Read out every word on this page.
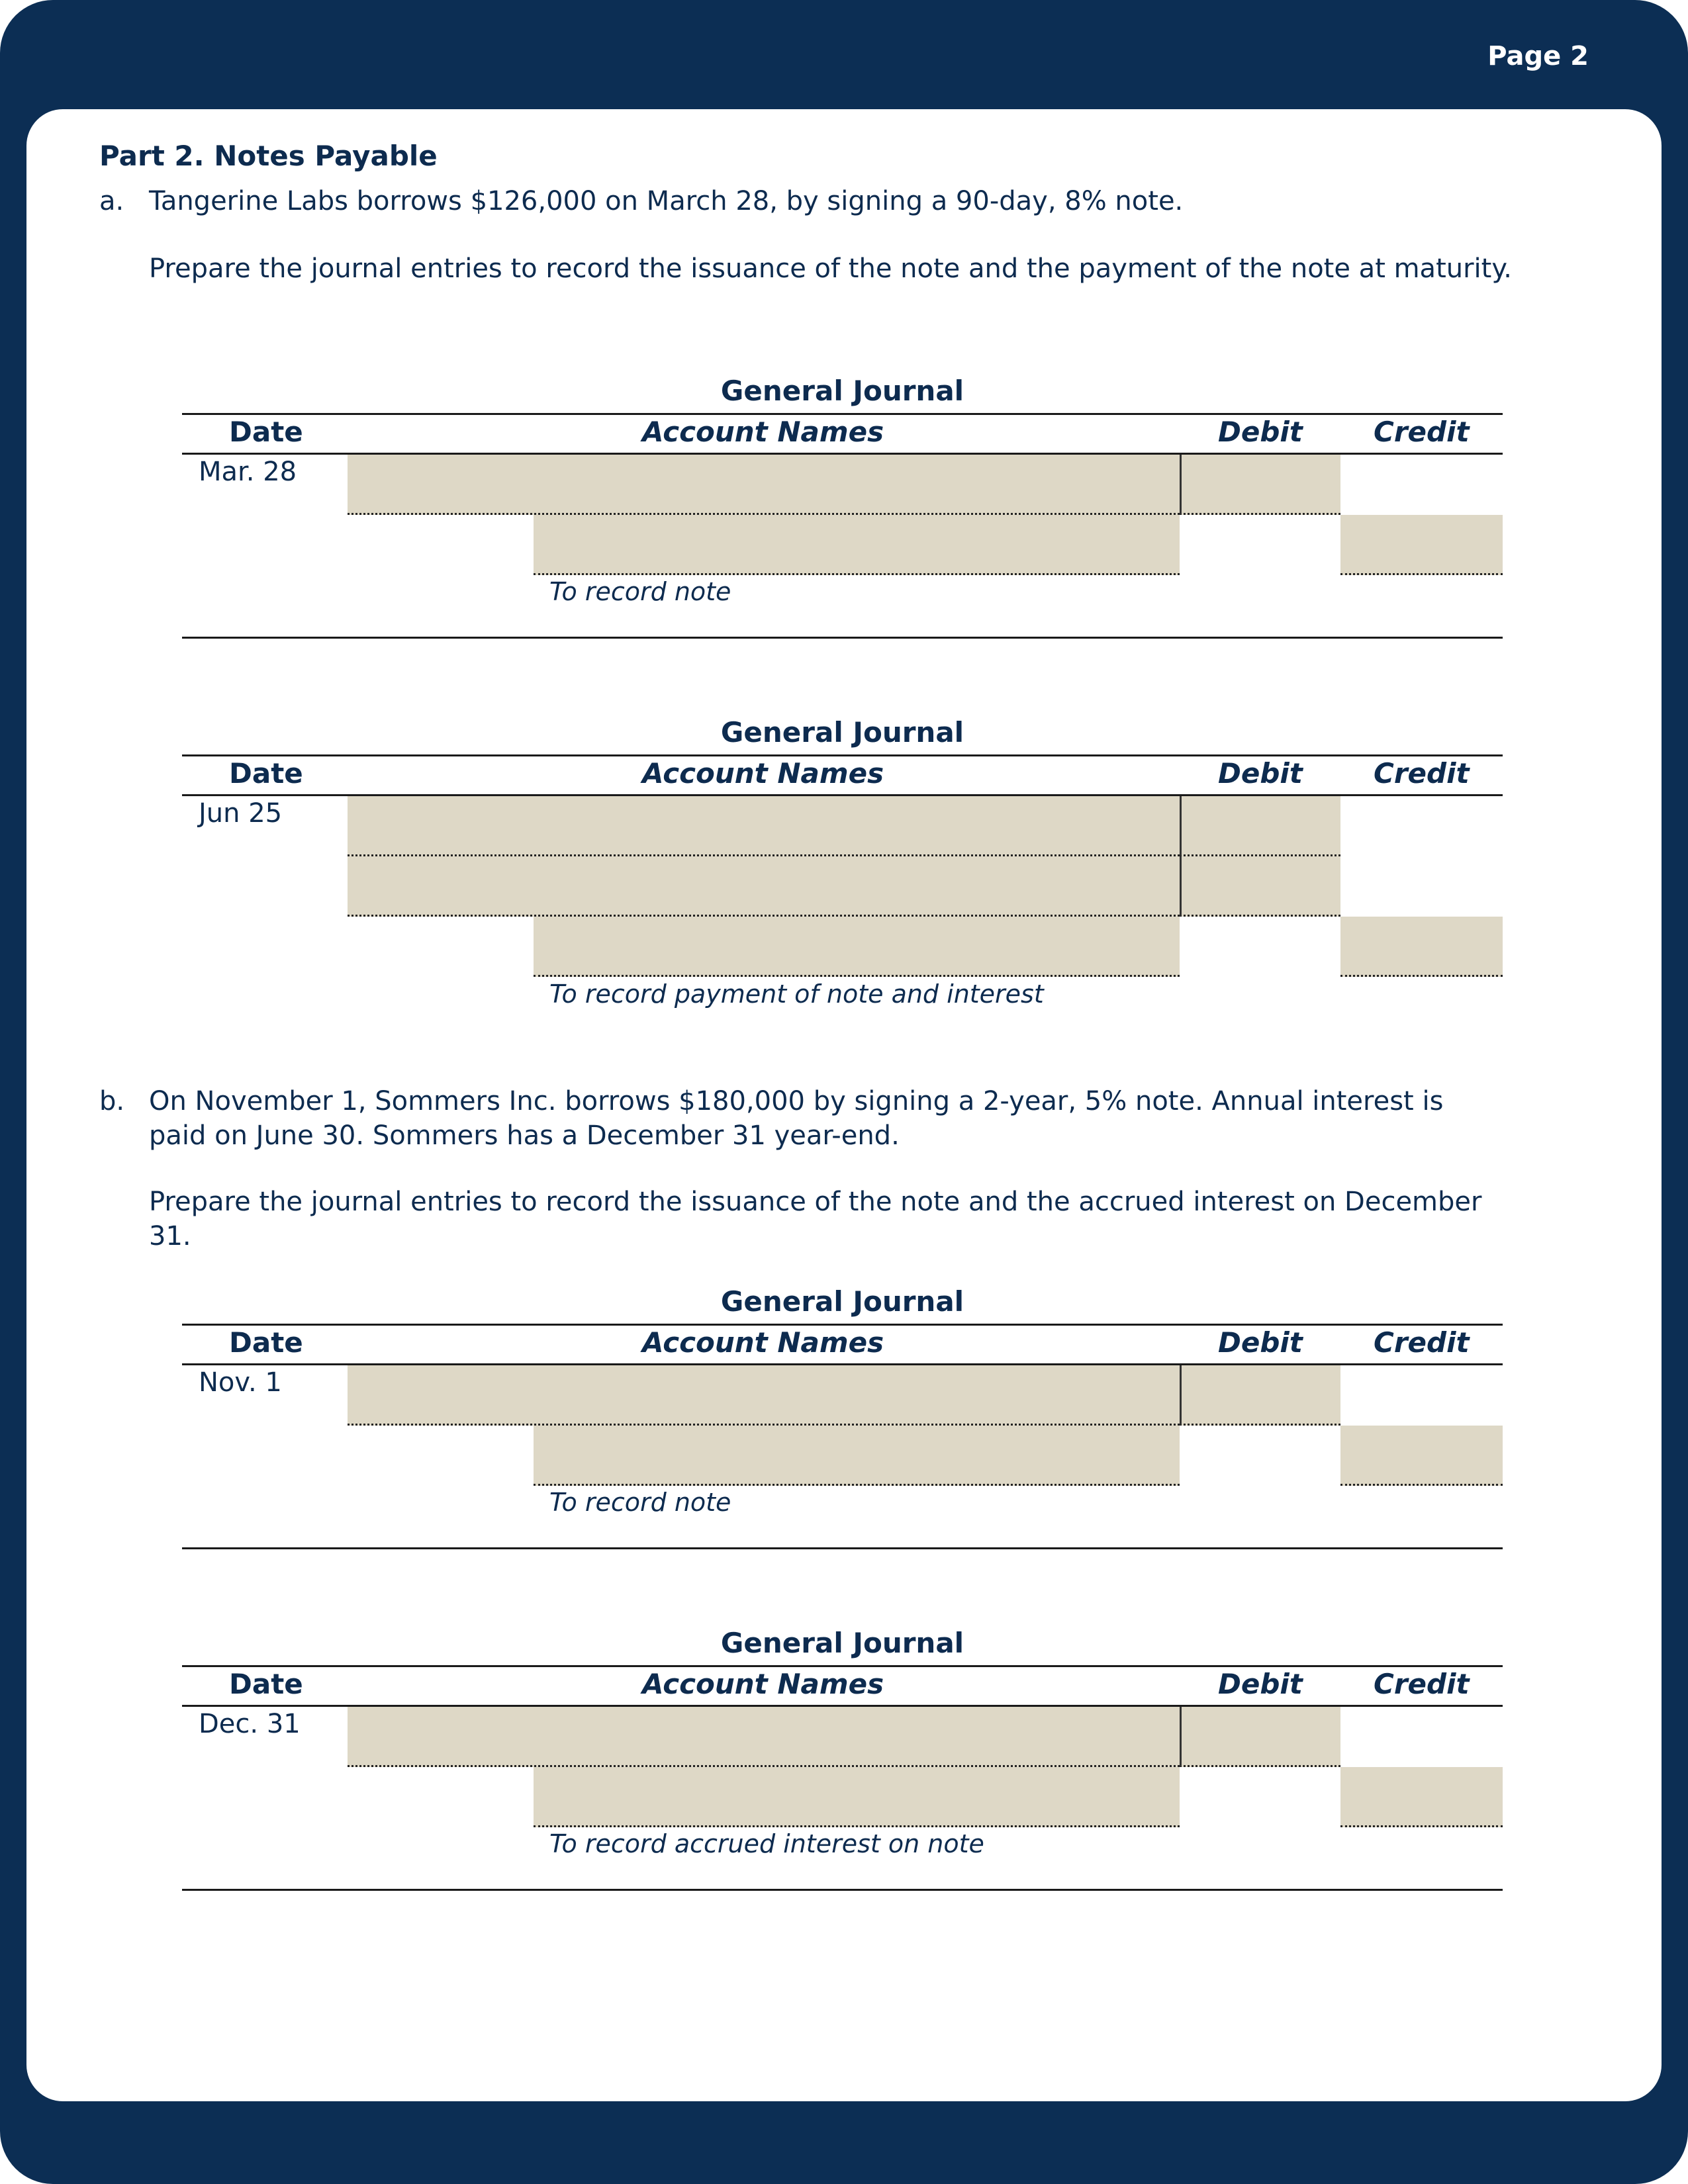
Page 2
Part 2. Notes Payable
a. Tangerine Labs borrows $126,000 on March 28, by signing a 90-day, 8% note.
Prepare the journal entries to record the issuance of the note and the payment of the note at maturity.
General Journal
Date	Account Names	Debit	Credit
Mar. 28
To record note
General Journal
Date	Account Names	Debit	Credit
Jun 25
To record payment of note and interest
b. On November 1, Sommers Inc. borrows $180,000 by signing a 2-year, 5% note. Annual interest is
paid on June 30. Sommers has a December 31 year-end.
Prepare the journal entries to record the issuance of the note and the accrued interest on December
31.
General Journal
Date	Account Names	Debit	Credit
Nov. 1
To record note
General Journal
Date	Account Names	Debit	Credit
Dec. 31
To record accrued interest on note
